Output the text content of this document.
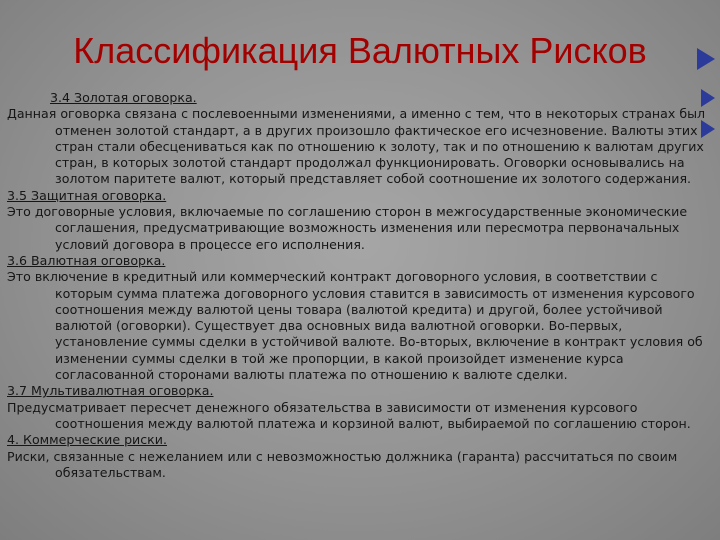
Классификация Валютных Рисков

3.4 Золотая оговорка.

Данная оговорка связана с послевоенными изменениями, а именно с тем, что в некоторых странах был отменен золотой стандарт, а в других произошло фактическое его исчезновение. Валюты этих стран стали обесцениваться как по отношению к золоту, так и по отношению к валютам других стран, в которых золотой стандарт продолжал функционировать. Оговорки основывались на золотом паритете валют, который представляет собой соотношение их золотого содержания.

3.5 Защитная оговорка.

Это договорные условия, включаемые по соглашению сторон в межгосударственные экономические соглашения, предусматривающие возможность изменения или пересмотра первоначальных условий договора в процессе его исполнения.

3.6 Валютная оговорка.

Это включение в кредитный или коммерческий контракт договорного условия, в соответствии с которым сумма платежа договорного условия ставится в зависимость от изменения курсового соотношения между валютой цены товара (валютой кредита) и другой, более устойчивой валютой (оговорки). Существует два основных вида валютной оговорки. Во-первых, установление суммы сделки в устойчивой валюте. Во-вторых, включение в контракт условия об изменении суммы сделки в той же пропорции, в какой произойдет изменение курса согласованной сторонами валюты платежа по отношению к валюте сделки.

3.7 Мультивалютная оговорка.

Предусматривает пересчет денежного обязательства в зависимости от изменения курсового соотношения между валютой платежа и корзиной валют, выбираемой по соглашению сторон.

4. Коммерческие риски.

Риски, связанные с нежеланием или с невозможностью должника (гаранта) рассчитаться по своим обязательствам.
